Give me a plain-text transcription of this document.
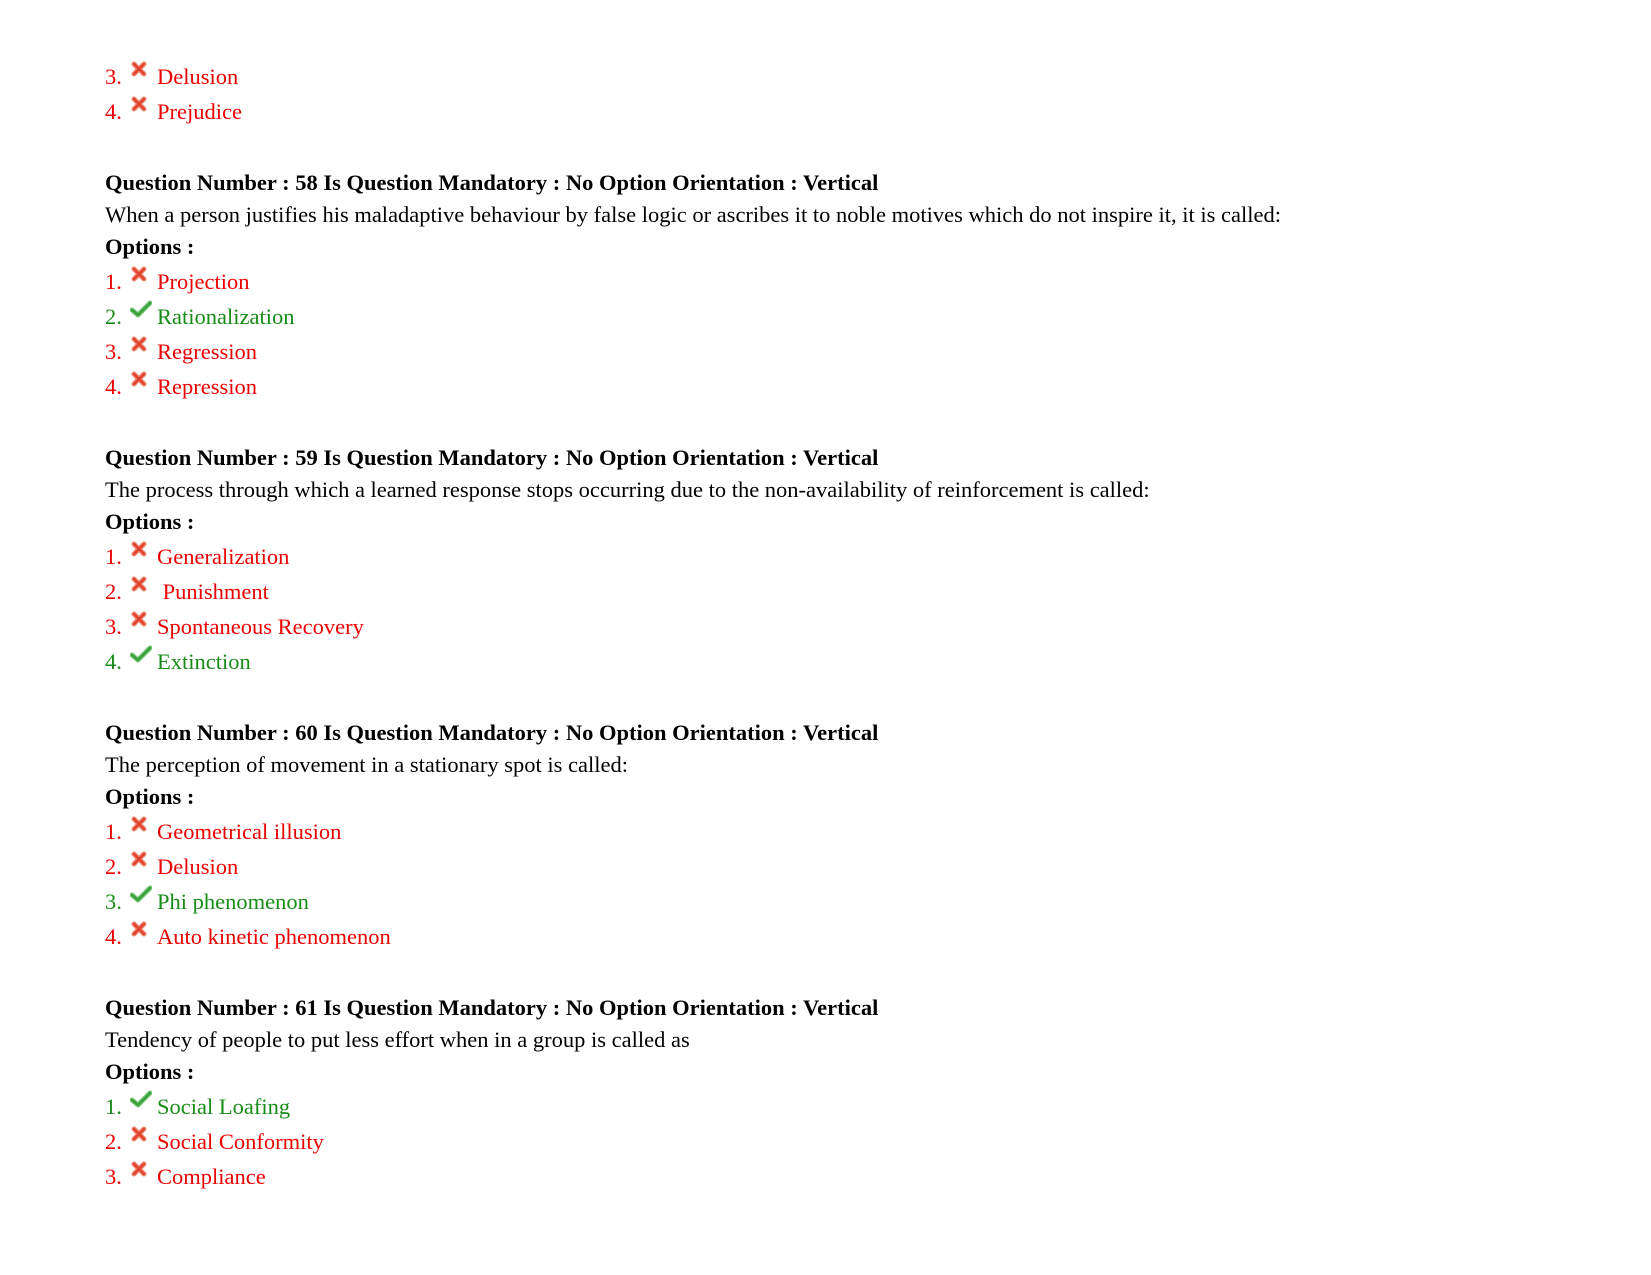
3.	Delusion
4.	Prejudice
Question Number : 58 Is Question Mandatory : No Option Orientation : Vertical
When a person justifies his maladaptive behaviour by false logic or ascribes it to noble motives which do not inspire it, it is called:
Options :
1.	Projection
2.	Rationalization
3.	Regression
4.	Repression
Question Number : 59 Is Question Mandatory : No Option Orientation : Vertical
The process through which a learned response stops occurring due to the non-availability of reinforcement is called:
Options :
1.	Generalization
2.	Punishment
3.	Spontaneous Recovery
4.	Extinction
Question Number : 60 Is Question Mandatory : No Option Orientation : Vertical
The perception of movement in a stationary spot is called:
Options :
1.	Geometrical illusion
2.	Delusion
3.	Phi phenomenon
4.	Auto kinetic phenomenon
Question Number : 61 Is Question Mandatory : No Option Orientation : Vertical
Tendency of people to put less effort when in a group is called as
Options :
1.	Social Loafing
2.	Social Conformity
3.	Compliance
